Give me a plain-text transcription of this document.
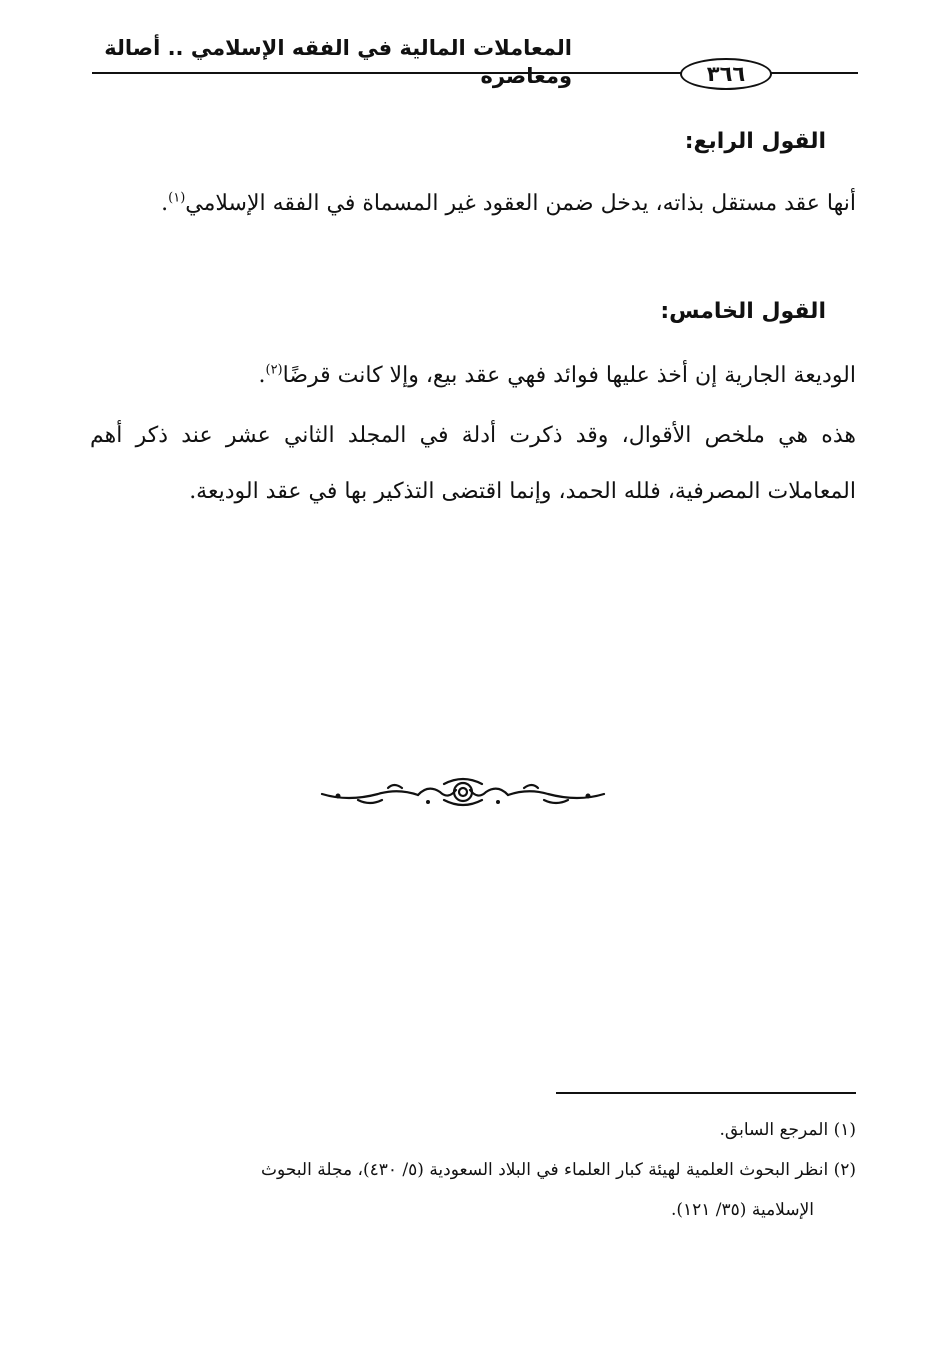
المعاملات المالية في الفقه الإسلامي .. أصالة ومعاصرة	٣٦٦
القول الرابع:
أنها عقد مستقل بذاته، يدخل ضمن العقود غير المسماة في الفقه الإسلامي$^{(١)}$.
القول الخامس:
الوديعة الجارية إن أخذ عليها فوائد فهي عقد بيع، وإلا كانت قرضًا$^{(٢)}$.
هذه هي ملخص الأقوال، وقد ذكرت أدلة في المجلد الثاني عشر عند ذكر أهم المعاملات المصرفية، فلله الحمد، وإنما اقتضى التذكير بها في عقد الوديعة.
(١) المرجع السابق.
(٢) انظر البحوث العلمية لهيئة كبار العلماء في البلاد السعودية (٥/ ٤٣٠)، مجلة البحوث
الإسلامية (٣٥/ ١٢١).
